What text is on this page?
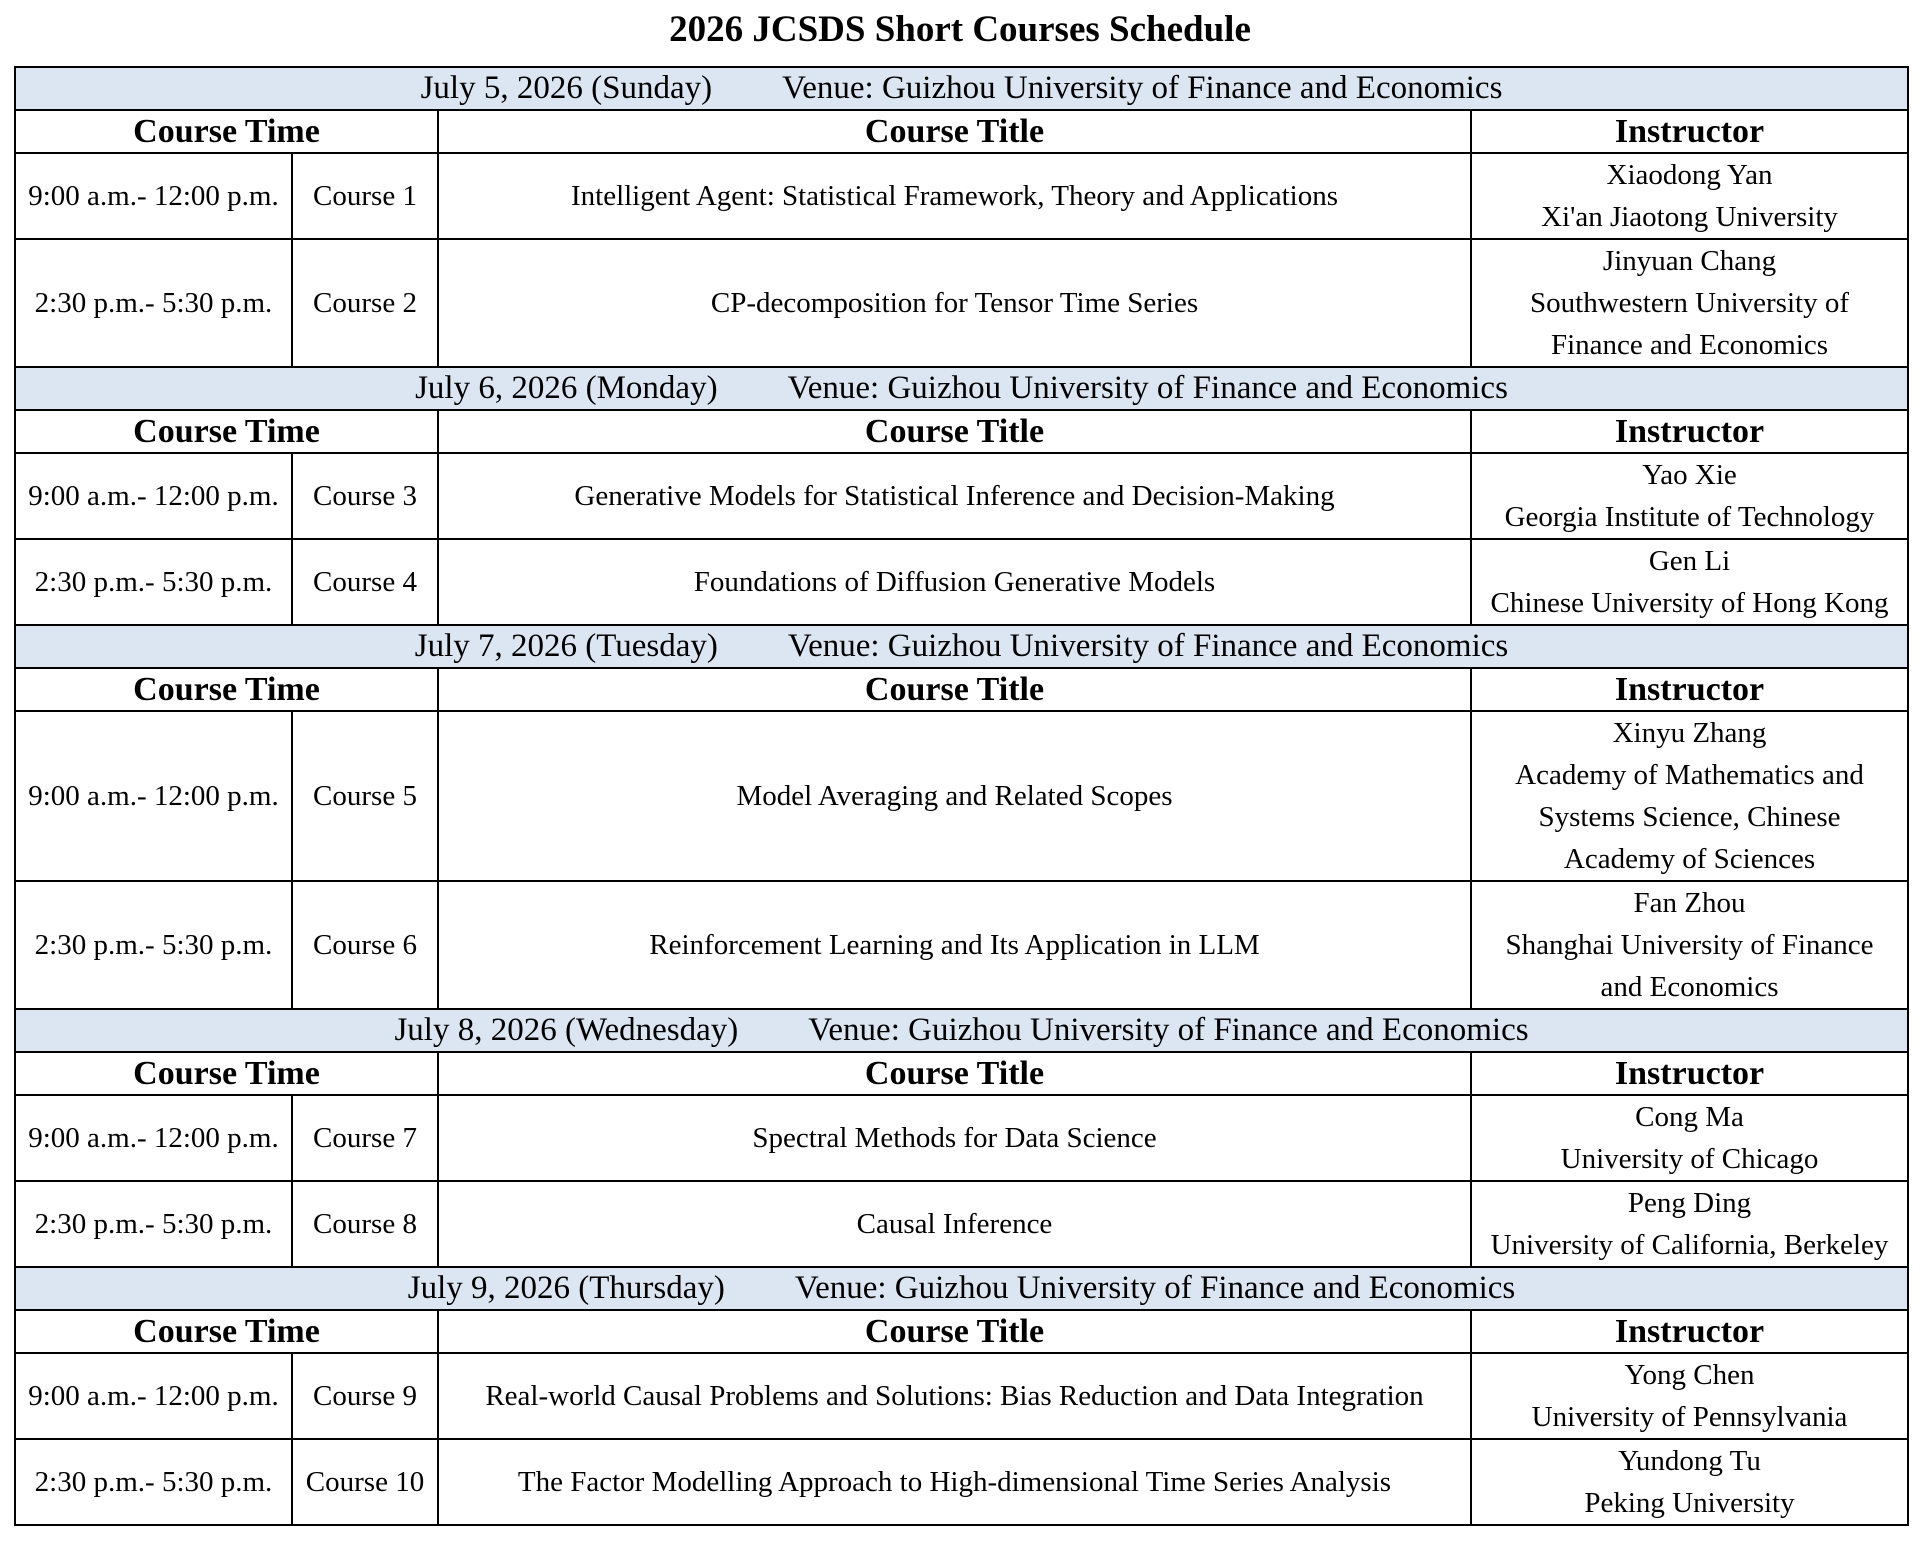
2026 JCSDS Short Courses Schedule
July 5, 2026 (Sunday) Venue: Guizhou University of Finance and Economics			
Course Time		Course Title	Instructor
9:00 a.m.- 12:00 p.m.	Course 1	Intelligent Agent: Statistical Framework, Theory and Applications	Xiaodong Yan
Xi'an Jiaotong University

2:30 p.m.- 5:30 p.m.	Course 2	CP-decomposition for Tensor Time Series	Jinyuan Chang
Southwestern University of
Finance and Economics

July 6, 2026 (Monday) Venue: Guizhou University of Finance and Economics			
Course Time		Course Title	Instructor
9:00 a.m.- 12:00 p.m.	Course 3	Generative Models for Statistical Inference and Decision-Making	Yao Xie
Georgia Institute of Technology

2:30 p.m.- 5:30 p.m.	Course 4	Foundations of Diffusion Generative Models	Gen Li
Chinese University of Hong Kong

July 7, 2026 (Tuesday) Venue: Guizhou University of Finance and Economics			
Course Time		Course Title	Instructor
9:00 a.m.- 12:00 p.m.	Course 5	Model Averaging and Related Scopes	Xinyu Zhang
Academy of Mathematics and
Systems Science, Chinese
Academy of Sciences

2:30 p.m.- 5:30 p.m.	Course 6	Reinforcement Learning and Its Application in LLM	Fan Zhou
Shanghai University of Finance
and Economics

July 8, 2026 (Wednesday) Venue: Guizhou University of Finance and Economics			
Course Time		Course Title	Instructor
9:00 a.m.- 12:00 p.m.	Course 7	Spectral Methods for Data Science	Cong Ma
University of Chicago

2:30 p.m.- 5:30 p.m.	Course 8	Causal Inference	Peng Ding
University of California, Berkeley

July 9, 2026 (Thursday) Venue: Guizhou University of Finance and Economics			
Course Time		Course Title	Instructor
9:00 a.m.- 12:00 p.m.	Course 9	Real-world Causal Problems and Solutions: Bias Reduction and Data Integration	Yong Chen
University of Pennsylvania

2:30 p.m.- 5:30 p.m.	Course 10	The Factor Modelling Approach to High-dimensional Time Series Analysis	Yundong Tu
Peking University
